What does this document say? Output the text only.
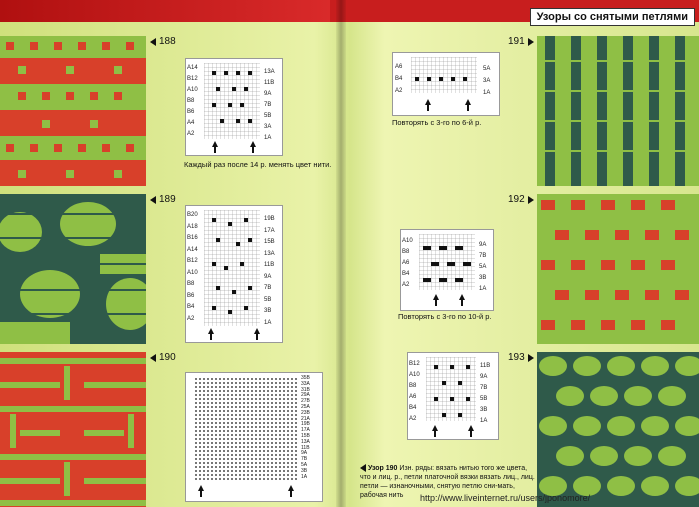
Узоры со снятыми петлями
188
189
190
A14
B12
A10
B8
B6
A4
A2
13A
11B
9A
7B
5B
3A
1A
Каждый раз после 14 р. менять цвет нити.
B20
A18
B16
A14
B12
A10
B8
B6
B4
A2
19B
17A
15B
13A
11B
9A
7B
5B
3B
1A
35B
33A
31B
29A
27B
25A
23B
21A
19B
17A
15B
13A
11B
9A
7B
5A
3B
1A
A6
B4
A2
5A
3A
1A
Повторять с 3-го по 6-й р.
A10
B8
A6
B4
A2
9A
7B
5A
3B
1A
Повторять с 3-го по 10-й р.
B12
A10
B8
A6
B4
A2
11B
9A
7B
5B
3B
1A
Узор 190 Изн. ряды: вязать нитью того же цвета, что и лиц. р., петли платочной вязки вязать лиц., лиц. петли — изнаночными, снятую петлю сни-мать, рабочая нить
191
192
193
http://www.liveinternet.ru/users/jponomore/
